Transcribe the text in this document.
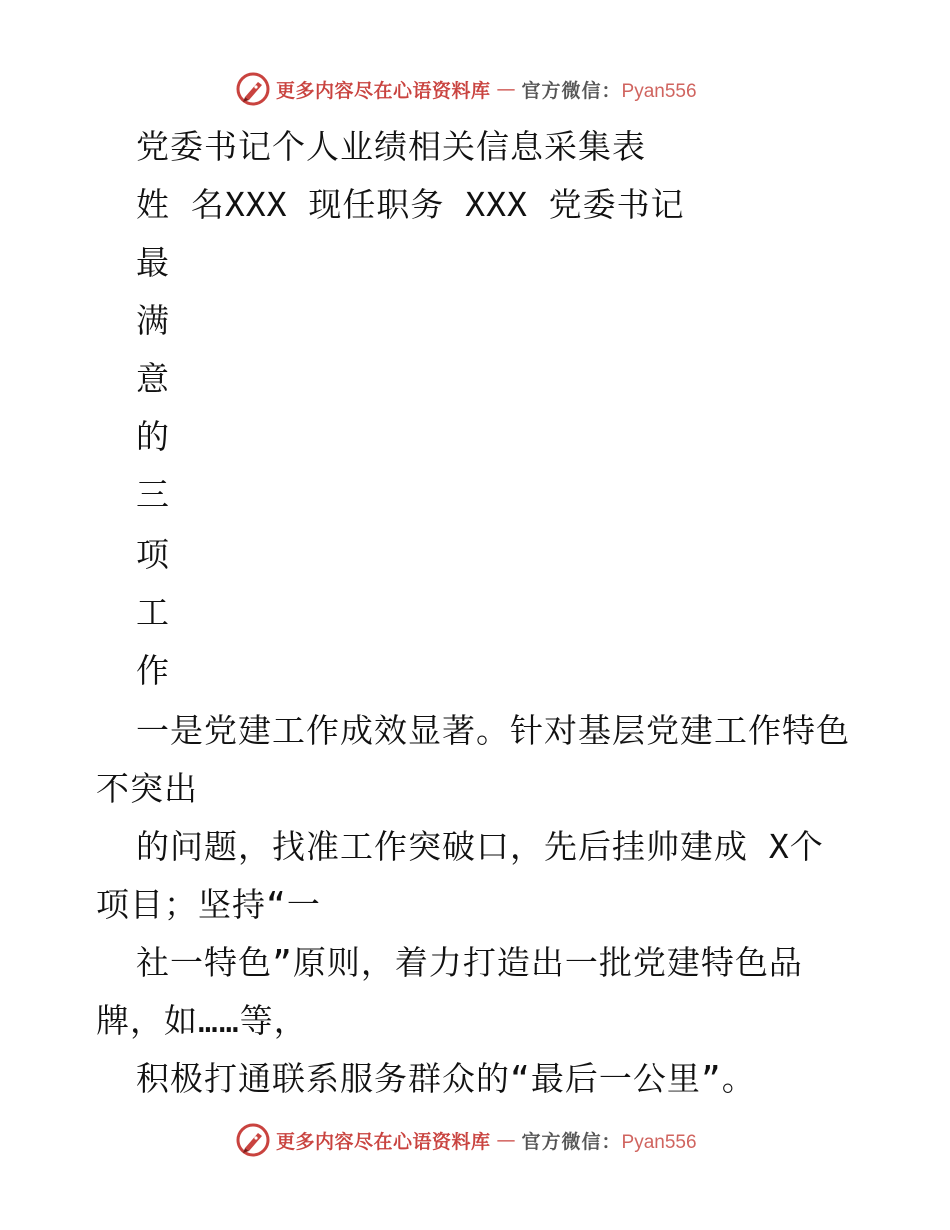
更多内容尽在心语资料库 — 官方微信：Pyan556
党委书记个人业绩相关信息采集表
姓 名XXX 现任职务 XXX 党委书记
最
满
意
的
三
项
工
作
一是党建工作成效显著。针对基层党建工作特色
不突出
的问题，找准工作突破口，先后挂帅建成 X个
项目；坚持“一
社一特色”原则，着力打造出一批党建特色品
牌，如……等，
积极打通联系服务群众的“最后一公里”。
更多内容尽在心语资料库 — 官方微信：Pyan556
